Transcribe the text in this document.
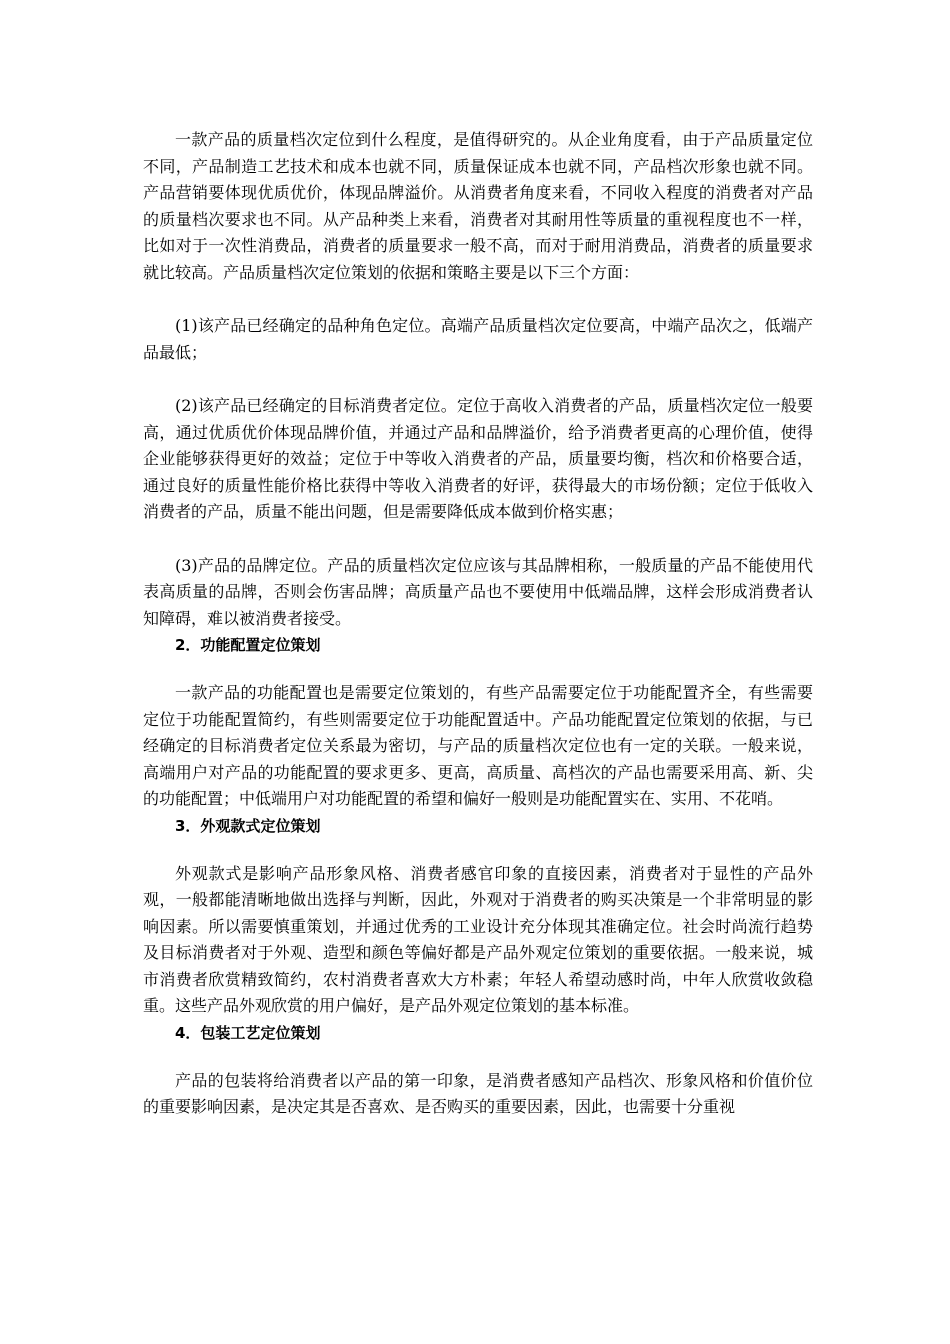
一款产品的质量档次定位到什么程度，是值得研究的。从企业角度看，由于产品质量定位不同，产品制造工艺技术和成本也就不同，质量保证成本也就不同，产品档次形象也就不同。产品营销要体现优质优价，体现品牌溢价。从消费者角度来看，不同收入程度的消费者对产品的质量档次要求也不同。从产品种类上来看，消费者对其耐用性等质量的重视程度也不一样，比如对于一次性消费品，消费者的质量要求一般不高，而对于耐用消费品，消费者的质量要求就比较高。产品质量档次定位策划的依据和策略主要是以下三个方面：

(1)该产品已经确定的品种角色定位。高端产品质量档次定位要高，中端产品次之，低端产品最低；

(2)该产品已经确定的目标消费者定位。定位于高收入消费者的产品，质量档次定位一般要高，通过优质优价体现品牌价值，并通过产品和品牌溢价，给予消费者更高的心理价值，使得企业能够获得更好的效益；定位于中等收入消费者的产品，质量要均衡，档次和价格要合适，通过良好的质量性能价格比获得中等收入消费者的好评，获得最大的市场份额；定位于低收入消费者的产品，质量不能出问题，但是需要降低成本做到价格实惠；

(3)产品的品牌定位。产品的质量档次定位应该与其品牌相称，一般质量的产品不能使用代表高质量的品牌，否则会伤害品牌；高质量产品也不要使用中低端品牌，这样会形成消费者认知障碍，难以被消费者接受。

2．功能配置定位策划

一款产品的功能配置也是需要定位策划的，有些产品需要定位于功能配置齐全，有些需要定位于功能配置简约，有些则需要定位于功能配置适中。产品功能配置定位策划的依据，与已经确定的目标消费者定位关系最为密切，与产品的质量档次定位也有一定的关联。一般来说，高端用户对产品的功能配置的要求更多、更高，高质量、高档次的产品也需要采用高、新、尖的功能配置；中低端用户对功能配置的希望和偏好一般则是功能配置实在、实用、不花哨。

3．外观款式定位策划

外观款式是影响产品形象风格、消费者感官印象的直接因素，消费者对于显性的产品外观，一般都能清晰地做出选择与判断，因此，外观对于消费者的购买决策是一个非常明显的影响因素。所以需要慎重策划，并通过优秀的工业设计充分体现其准确定位。社会时尚流行趋势及目标消费者对于外观、造型和颜色等偏好都是产品外观定位策划的重要依据。一般来说，城市消费者欣赏精致简约，农村消费者喜欢大方朴素；年轻人希望动感时尚，中年人欣赏收敛稳重。这些产品外观欣赏的用户偏好，是产品外观定位策划的基本标准。

4．包装工艺定位策划

产品的包装将给消费者以产品的第一印象，是消费者感知产品档次、形象风格和价值价位的重要影响因素，是决定其是否喜欢、是否购买的重要因素，因此，也需要十分重视
